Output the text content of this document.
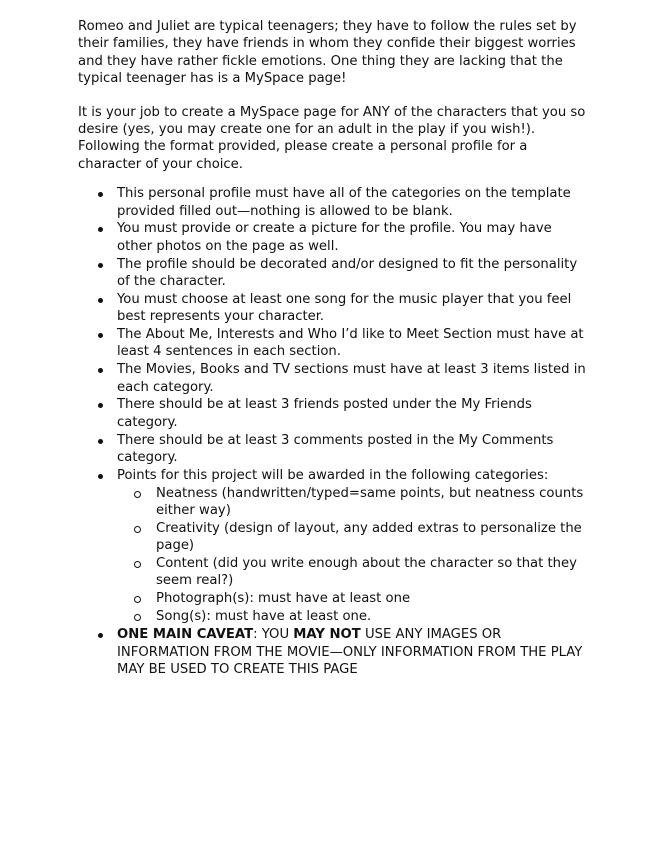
Romeo and Juliet are typical teenagers; they have to follow the rules set by their families, they have friends in whom they confide their biggest worries and they have rather fickle emotions. One thing they are lacking that the typical teenager has is a MySpace page!

It is your job to create a MySpace page for ANY of the characters that you so desire (yes, you may create one for an adult in the play if you wish!). Following the format provided, please create a personal profile for a character of your choice.

This personal profile must have all of the categories on the template provided filled out—nothing is allowed to be blank.
You must provide or create a picture for the profile. You may have other photos on the page as well.
The profile should be decorated and/or designed to fit the personality of the character.
You must choose at least one song for the music player that you feel best represents your character.
The About Me, Interests and Who I’d like to Meet Section must have at least 4 sentences in each section.
The Movies, Books and TV sections must have at least 3 items listed in each category.
There should be at least 3 friends posted under the My Friends category.
There should be at least 3 comments posted in the My Comments category.
Points for this project will be awarded in the following categories:
Neatness (handwritten/typed=same points, but neatness counts either way)
Creativity (design of layout, any added extras to personalize the page)
Content (did you write enough about the character so that they seem real?)
Photograph(s): must have at least one
Song(s): must have at least one.
ONE MAIN CAVEAT: YOU MAY NOT USE ANY IMAGES OR INFORMATION FROM THE MOVIE—ONLY INFORMATION FROM THE PLAY MAY BE USED TO CREATE THIS PAGE
